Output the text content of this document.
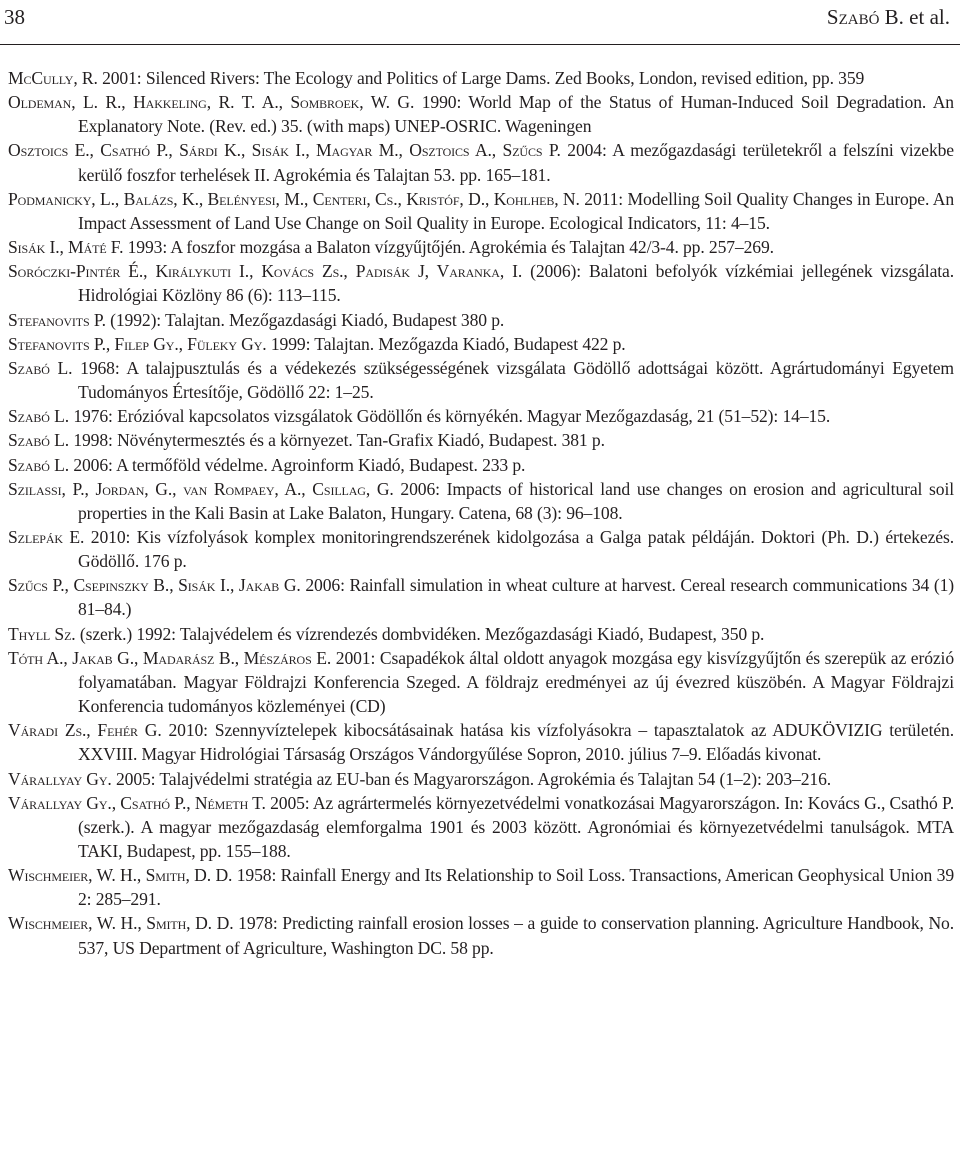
38	Szabó B. et al.
McCully, R. 2001: Silenced Rivers: The Ecology and Politics of Large Dams. Zed Books, London, revised edition, pp. 359
Oldeman, L. R., Hakkeling, R. T. A., Sombroek, W. G. 1990: World Map of the Status of Human-Induced Soil Degradation. An Explanatory Note. (Rev. ed.) 35. (with maps) UNEP-OSRIC. Wageningen
Osztoics E., Csathó P., Sárdi K., Sisák I., Magyar M., Osztoics A., Szűcs P. 2004: A mezőgazdasági területekről a felszíni vizekbe kerülő foszfor terhelések II. Agrokémia és Talajtan 53. pp. 165–181.
Podmanicky, L., Balázs, K., Belényesi, M., Centeri, Cs., Kristóf, D., Kohlheb, N. 2011: Modelling Soil Quality Changes in Europe. An Impact Assessment of Land Use Change on Soil Quality in Europe. Ecological Indicators, 11: 4–15.
Sisák I., Máté F. 1993: A foszfor mozgása a Balaton vízgyűjtőjén. Agrokémia és Talajtan 42/3-4. pp. 257–269.
Soróczki-Pintér É., Királykuti I., Kovács Zs., Padisák J, Varanka, I. (2006): Balatoni befolyók vízkémiai jellegének vizsgálata. Hidrológiai Közlöny 86 (6): 113–115.
Stefanovits P. (1992): Talajtan. Mezőgazdasági Kiadó, Budapest 380 p.
Stefanovits P., Filep Gy., Füleky Gy. 1999: Talajtan. Mezőgazda Kiadó, Budapest 422 p.
Szabó L. 1968: A talajpusztulás és a védekezés szükségességének vizsgálata Gödöllő adottságai között. Agrártudományi Egyetem Tudományos Értesítője, Gödöllő 22: 1–25.
Szabó L. 1976: Erózióval kapcsolatos vizsgálatok Gödöllőn és környékén. Magyar Mezőgazdaság, 21 (51–52): 14–15.
Szabó L. 1998: Növénytermesztés és a környezet. Tan-Grafix Kiadó, Budapest. 381 p.
Szabó L. 2006: A termőföld védelme. Agroinform Kiadó, Budapest. 233 p.
Szilassi, P., Jordan, G., van Rompaey, A., Csillag, G. 2006: Impacts of historical land use changes on erosion and agricultural soil properties in the Kali Basin at Lake Balaton, Hungary. Catena, 68 (3): 96–108.
Szlepák E. 2010: Kis vízfolyások komplex monitoringrendszerének kidolgozása a Galga patak példáján. Doktori (Ph. D.) értekezés. Gödöllő. 176 p.
Szűcs P., Csepinszky B., Sisák I., Jakab G. 2006: Rainfall simulation in wheat culture at harvest. Cereal research communications 34 (1) 81–84.)
Thyll Sz. (szerk.) 1992: Talajvédelem és vízrendezés dombvidéken. Mezőgazdasági Kiadó, Budapest, 350 p.
Tóth A., Jakab G., Madarász B., Mészáros E. 2001: Csapadékok által oldott anyagok mozgása egy kisvízgyűjtőn és szerepük az erózió folyamatában. Magyar Földrajzi Konferencia Szeged. A földrajz eredményei az új évezred küszöbén. A Magyar Földrajzi Konferencia tudományos közleményei (CD)
Váradi Zs., Fehér G. 2010: Szennyvíztelepek kibocsátásainak hatása kis vízfolyásokra – tapasztalatok az ADUKÖVIZIG területén. XXVIII. Magyar Hidrológiai Társaság Országos Vándorgyűlése Sopron, 2010. július 7–9. Előadás kivonat.
Várallyay Gy. 2005: Talajvédelmi stratégia az EU-ban és Magyarországon. Agrokémia és Talajtan 54 (1–2): 203–216.
Várallyay Gy., Csathó P., Németh T. 2005: Az agrártermelés környezetvédelmi vonatkozásai Magyarországon. In: Kovács G., Csathó P. (szerk.). A magyar mezőgazdaság elemforgalma 1901 és 2003 között. Agronómiai és környezetvédelmi tanulságok. MTA TAKI, Budapest, pp. 155–188.
Wischmeier, W. H., Smith, D. D. 1958: Rainfall Energy and Its Relationship to Soil Loss. Transactions, American Geophysical Union 39 2: 285–291.
Wischmeier, W. H., Smith, D. D. 1978: Predicting rainfall erosion losses – a guide to conservation planning. Agriculture Handbook, No. 537, US Department of Agriculture, Washington DC. 58 pp.
